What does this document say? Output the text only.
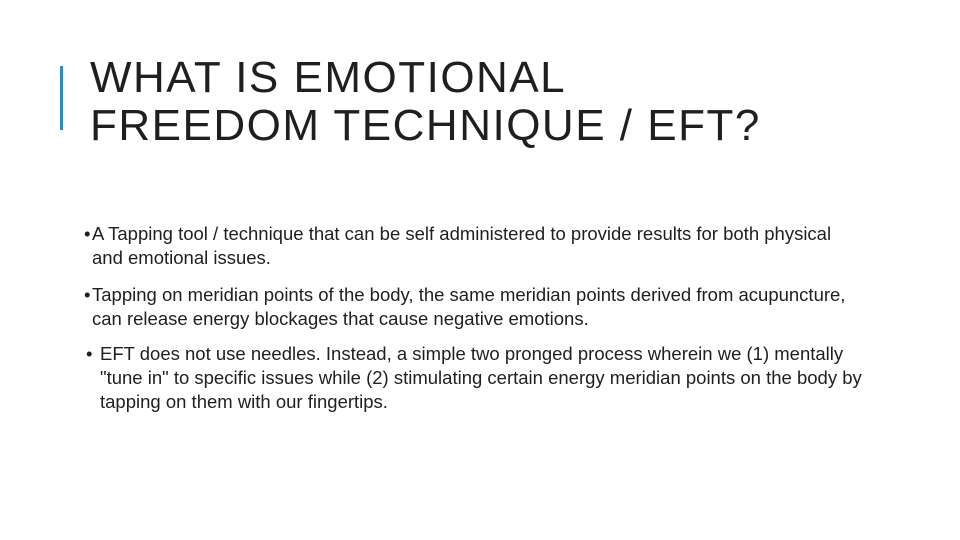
WHAT IS EMOTIONAL
FREEDOM TECHNIQUE / EFT?
• A Tapping tool / technique that can be self administered to provide results for both physical and emotional issues.
• Tapping on meridian points of the body, the same meridian points derived from acupuncture, can release energy blockages that cause negative emotions.
• EFT does not use needles. Instead, a simple two pronged process wherein we (1) mentally "tune in" to specific issues while (2) stimulating certain energy meridian points on the body by tapping on them with our fingertips.
